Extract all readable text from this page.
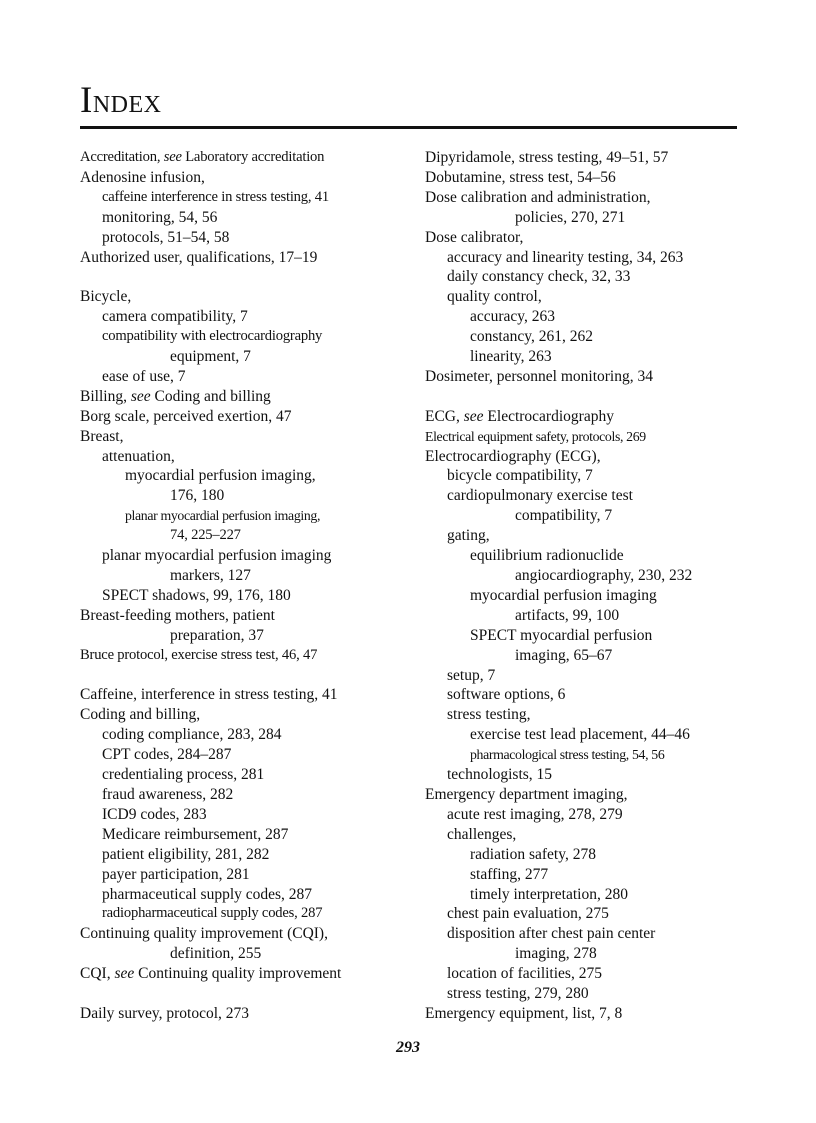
INDEX
Accreditation, see Laboratory accreditation
Adenosine infusion,
caffeine interference in stress testing, 41
monitoring, 54, 56
protocols, 51–54, 58
Authorized user, qualifications, 17–19
Bicycle,
camera compatibility, 7
compatibility with electrocardiography
equipment, 7
ease of use, 7
Billing, see Coding and billing
Borg scale, perceived exertion, 47
Breast,
attenuation,
myocardial perfusion imaging,
176, 180
planar myocardial perfusion imaging,
74, 225–227
planar myocardial perfusion imaging
markers, 127
SPECT shadows, 99, 176, 180
Breast-feeding mothers, patient
preparation, 37
Bruce protocol, exercise stress test, 46, 47
Caffeine, interference in stress testing, 41
Coding and billing,
coding compliance, 283, 284
CPT codes, 284–287
credentialing process, 281
fraud awareness, 282
ICD9 codes, 283
Medicare reimbursement, 287
patient eligibility, 281, 282
payer participation, 281
pharmaceutical supply codes, 287
radiopharmaceutical supply codes, 287
Continuing quality improvement (CQI),
definition, 255
CQI, see Continuing quality improvement
Daily survey, protocol, 273
Dipyridamole, stress testing, 49–51, 57
Dobutamine, stress test, 54–56
Dose calibration and administration,
policies, 270, 271
Dose calibrator,
accuracy and linearity testing, 34, 263
daily constancy check, 32, 33
quality control,
accuracy, 263
constancy, 261, 262
linearity, 263
Dosimeter, personnel monitoring, 34
ECG, see Electrocardiography
Electrical equipment safety, protocols, 269
Electrocardiography (ECG),
bicycle compatibility, 7
cardiopulmonary exercise test
compatibility, 7
gating,
equilibrium radionuclide
angiocardiography, 230, 232
myocardial perfusion imaging
artifacts, 99, 100
SPECT myocardial perfusion
imaging, 65–67
setup, 7
software options, 6
stress testing,
exercise test lead placement, 44–46
pharmacological stress testing, 54, 56
technologists, 15
Emergency department imaging,
acute rest imaging, 278, 279
challenges,
radiation safety, 278
staffing, 277
timely interpretation, 280
chest pain evaluation, 275
disposition after chest pain center
imaging, 278
location of facilities, 275
stress testing, 279, 280
Emergency equipment, list, 7, 8
293
